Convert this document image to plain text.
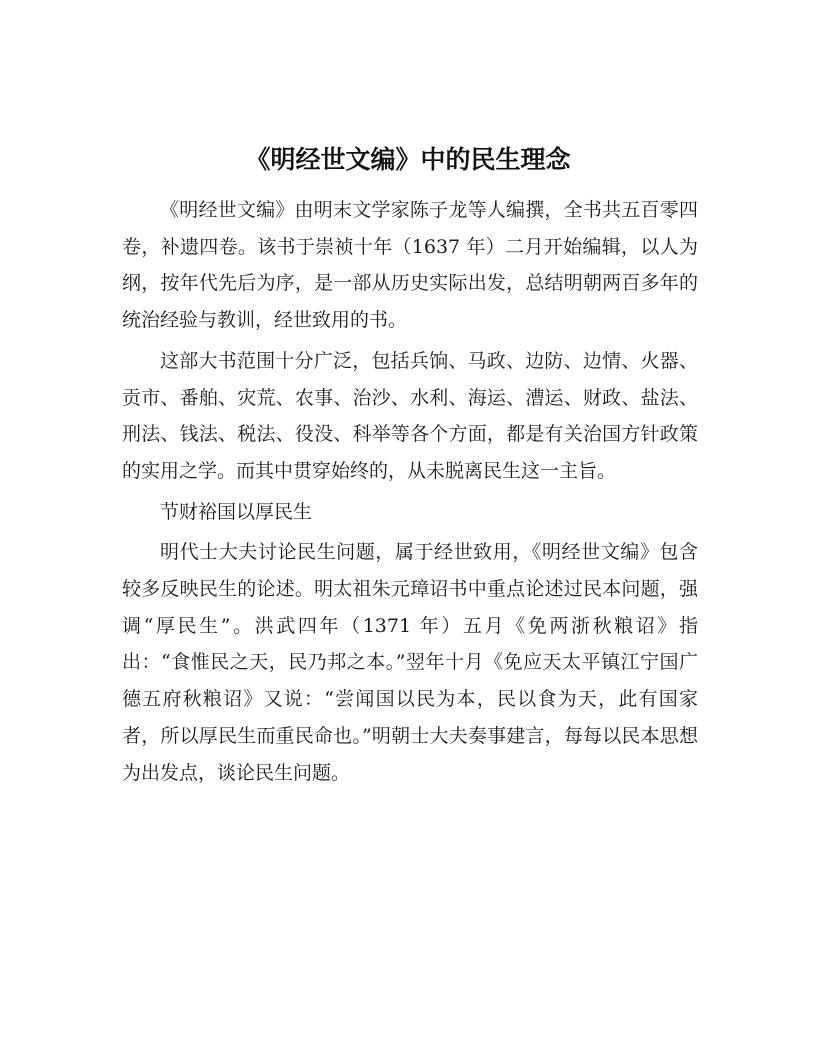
《明经世文编》中的民生理念

《明经世文编》由明末文学家陈子龙等人编撰，全书共五百零四卷，补遗四卷。该书于崇祯十年（1637 年）二月开始编辑，以人为纲，按年代先后为序，是一部从历史实际出发，总结明朝两百多年的统治经验与教训，经世致用的书。

这部大书范围十分广泛，包括兵饷、马政、边防、边情、火器、贡市、番舶、灾荒、农事、治沙、水利、海运、漕运、财政、盐法、刑法、钱法、税法、役没、科举等各个方面，都是有关治国方针政策的实用之学。而其中贯穿始终的，从未脱离民生这一主旨。

节财裕国以厚民生

明代士大夫讨论民生问题，属于经世致用，《明经世文编》包含较多反映民生的论述。明太祖朱元璋诏书中重点论述过民本问题，强调“厚民生”。洪武四年（1371 年）五月《免两浙秋粮诏》指出：“食惟民之天，民乃邦之本。”翌年十月《免应天太平镇江宁国广德五府秋粮诏》又说：“尝闻国以民为本，民以食为天，此有国家者，所以厚民生而重民命也。”明朝士大夫奏事建言，每每以民本思想为出发点，谈论民生问题。
